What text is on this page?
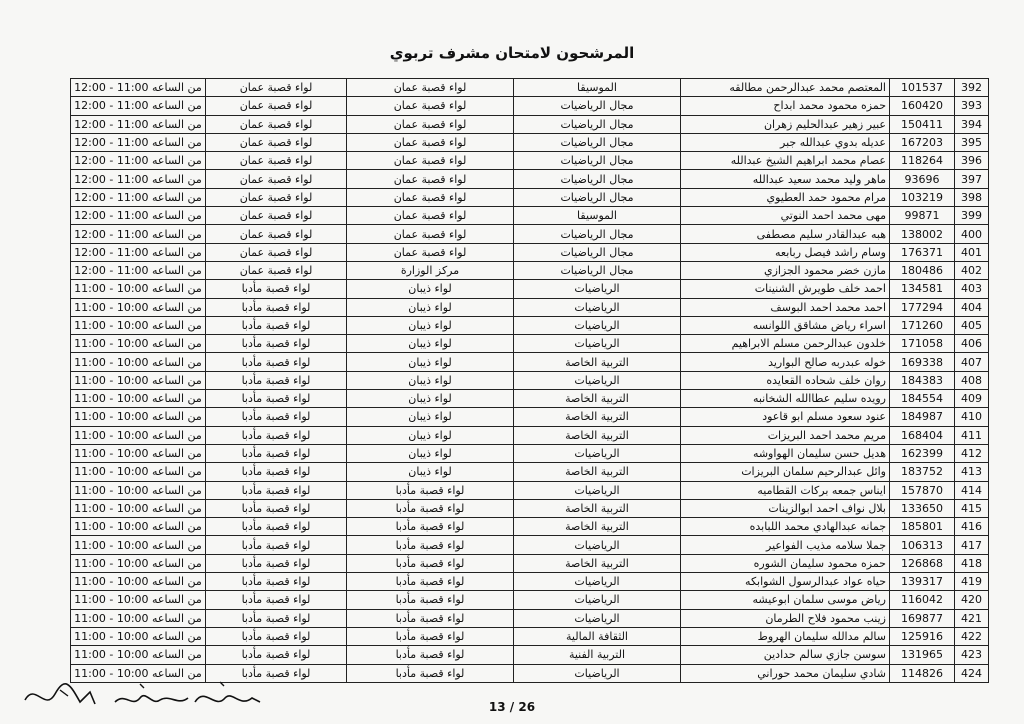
المرشحون لامتحان مشرف تربوي
392	101537	المعتصم محمد عبدالرحمن مطالقه	الموسيقا	لواء قصبة عمان	لواء قصبة عمان	من الساعه 11:00 - 12:00
393	160420	حمزه محمود محمد ابداح	مجال الرياضيات	لواء قصبة عمان	لواء قصبة عمان	من الساعه 11:00 - 12:00
394	150411	عبير زهير عبدالحليم زهران	مجال الرياضيات	لواء قصبة عمان	لواء قصبة عمان	من الساعه 11:00 - 12:00
395	167203	عديله بدوي عبدالله جبر	مجال الرياضيات	لواء قصبة عمان	لواء قصبة عمان	من الساعه 11:00 - 12:00
396	118264	عصام محمد ابراهيم الشيخ عبدالله	مجال الرياضيات	لواء قصبة عمان	لواء قصبة عمان	من الساعه 11:00 - 12:00
397	93696	ماهر وليد محمد سعيد عبدالله	مجال الرياضيات	لواء قصبة عمان	لواء قصبة عمان	من الساعه 11:00 - 12:00
398	103219	مرام محمود حمد العطيوي	مجال الرياضيات	لواء قصبة عمان	لواء قصبة عمان	من الساعه 11:00 - 12:00
399	99871	مهى محمد احمد النوتي	الموسيقا	لواء قصبة عمان	لواء قصبة عمان	من الساعه 11:00 - 12:00
400	138002	هبه عبدالقادر سليم مصطفى	مجال الرياضيات	لواء قصبة عمان	لواء قصبة عمان	من الساعه 11:00 - 12:00
401	176371	وسام راشد فيصل ربابعه	مجال الرياضيات	لواء قصبة عمان	لواء قصبة عمان	من الساعه 11:00 - 12:00
402	180486	مازن خضر محمود الجزازي	مجال الرياضيات	مركز الوزارة	لواء قصبة عمان	من الساعه 11:00 - 12:00
403	134581	احمد خلف طويرش الشنينات	الرياضيات	لواء ذيبان	لواء قصبة مأدبا	من الساعه 10:00 - 11:00
404	177294	احمد محمد احمد البوسف	الرياضيات	لواء ذيبان	لواء قصبة مأدبا	من الساعه 10:00 - 11:00
405	171260	اسراء رياض مشاقق اللوانسه	الرياضيات	لواء ذيبان	لواء قصبة مأدبا	من الساعه 10:00 - 11:00
406	171058	خلدون عبدالرحمن مسلم الابراهيم	الرياضيات	لواء ذيبان	لواء قصبة مأدبا	من الساعه 10:00 - 11:00
407	169338	خوله عبدربه صالح البواريد	التربية الخاصة	لواء ذيبان	لواء قصبة مأدبا	من الساعه 10:00 - 11:00
408	184383	روان خلف شحاده القعايده	الرياضيات	لواء ذيبان	لواء قصبة مأدبا	من الساعه 10:00 - 11:00
409	184554	رويده سليم عطاالله الشخانبه	التربية الخاصة	لواء ذيبان	لواء قصبة مأدبا	من الساعه 10:00 - 11:00
410	184987	عنود سعود مسلم ابو قاعود	التربية الخاصة	لواء ذيبان	لواء قصبة مأدبا	من الساعه 10:00 - 11:00
411	168404	مريم محمد احمد البريزات	التربية الخاصة	لواء ذيبان	لواء قصبة مأدبا	من الساعه 10:00 - 11:00
412	162399	هديل حسن سليمان الهواوشه	الرياضيات	لواء ذيبان	لواء قصبة مأدبا	من الساعه 10:00 - 11:00
413	183752	وائل عبدالرحيم سلمان البريزات	التربية الخاصة	لواء ذيبان	لواء قصبة مأدبا	من الساعه 10:00 - 11:00
414	157870	ايناس جمعه بركات القطاميه	الرياضيات	لواء قصبة مأدبا	لواء قصبة مأدبا	من الساعه 10:00 - 11:00
415	133650	بلال نواف احمد ابوالزينات	التربية الخاصة	لواء قصبة مأدبا	لواء قصبة مأدبا	من الساعه 10:00 - 11:00
416	185801	جمانه عبدالهادي محمد اللبابده	التربية الخاصة	لواء قصبة مأدبا	لواء قصبة مأدبا	من الساعه 10:00 - 11:00
417	106313	جملا سلامه مذيب الفواعير	الرياضيات	لواء قصبة مأدبا	لواء قصبة مأدبا	من الساعه 10:00 - 11:00
418	126868	حمزه محمود سليمان الشوره	التربية الخاصة	لواء قصبة مأدبا	لواء قصبة مأدبا	من الساعه 10:00 - 11:00
419	139317	حياه عواد عبدالرسول الشوابكه	الرياضيات	لواء قصبة مأدبا	لواء قصبة مأدبا	من الساعه 10:00 - 11:00
420	116042	رياض موسى سلمان ابوعيشه	الرياضيات	لواء قصبة مأدبا	لواء قصبة مأدبا	من الساعه 10:00 - 11:00
421	169877	زينب محمود فلاح الطرمان	الرياضيات	لواء قصبة مأدبا	لواء قصبة مأدبا	من الساعه 10:00 - 11:00
422	125916	سالم مدالله سليمان الهروط	الثقافة المالية	لواء قصبة مأدبا	لواء قصبة مأدبا	من الساعه 10:00 - 11:00
423	131965	سوسن جازي سالم حدادين	التربية الفنية	لواء قصبة مأدبا	لواء قصبة مأدبا	من الساعه 10:00 - 11:00
424	114826	شادي سليمان محمد حوراني	الرياضيات	لواء قصبة مأدبا	لواء قصبة مأدبا	من الساعه 10:00 - 11:00
13 / 26
